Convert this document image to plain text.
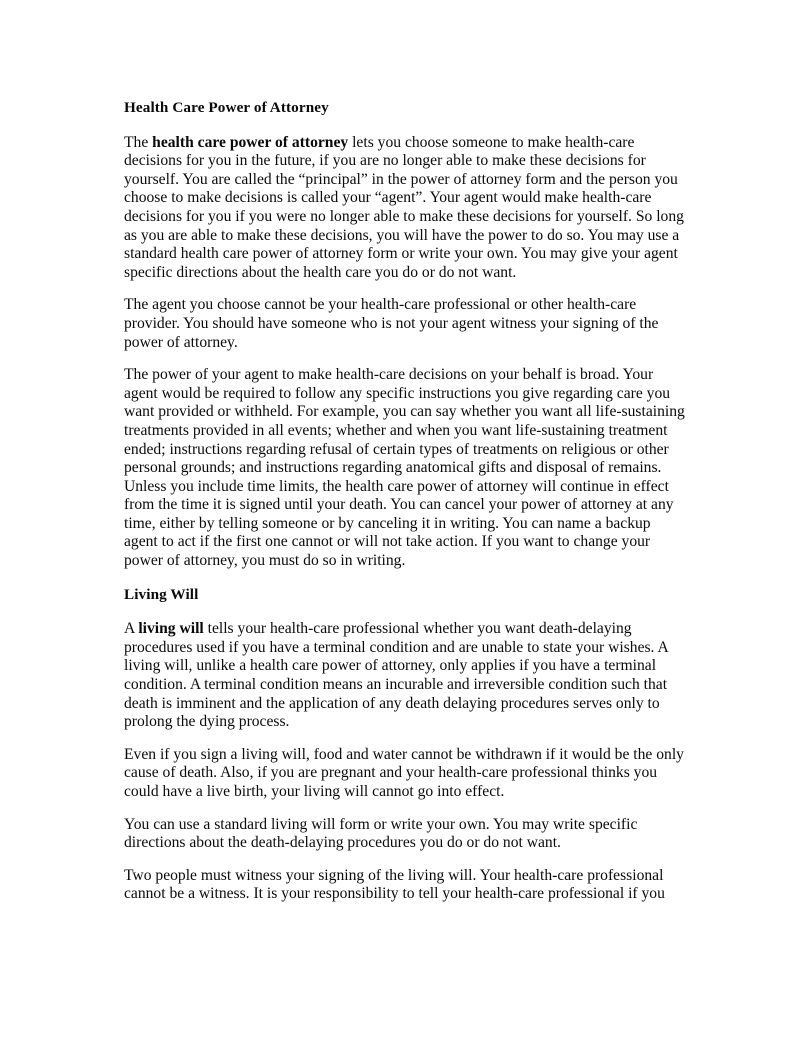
Health Care Power of Attorney

The health care power of attorney lets you choose someone to make health-care decisions for you in the future, if you are no longer able to make these decisions for yourself. You are called the “principal” in the power of attorney form and the person you choose to make decisions is called your “agent”. Your agent would make health-care decisions for you if you were no longer able to make these decisions for yourself. So long as you are able to make these decisions, you will have the power to do so. You may use a standard health care power of attorney form or write your own. You may give your agent specific directions about the health care you do or do not want.

The agent you choose cannot be your health-care professional or other health-care provider. You should have someone who is not your agent witness your signing of the power of attorney.

The power of your agent to make health-care decisions on your behalf is broad. Your agent would be required to follow any specific instructions you give regarding care you want provided or withheld. For example, you can say whether you want all life-sustaining treatments provided in all events; whether and when you want life-sustaining treatment ended; instructions regarding refusal of certain types of treatments on religious or other personal grounds; and instructions regarding anatomical gifts and disposal of remains. Unless you include time limits, the health care power of attorney will continue in effect from the time it is signed until your death. You can cancel your power of attorney at any time, either by telling someone or by canceling it in writing. You can name a backup agent to act if the first one cannot or will not take action. If you want to change your power of attorney, you must do so in writing.

Living Will

A living will tells your health-care professional whether you want death-delaying procedures used if you have a terminal condition and are unable to state your wishes. A living will, unlike a health care power of attorney, only applies if you have a terminal condition. A terminal condition means an incurable and irreversible condition such that death is imminent and the application of any death delaying procedures serves only to prolong the dying process.

Even if you sign a living will, food and water cannot be withdrawn if it would be the only cause of death. Also, if you are pregnant and your health-care professional thinks you could have a live birth, your living will cannot go into effect.

You can use a standard living will form or write your own. You may write specific directions about the death-delaying procedures you do or do not want.

Two people must witness your signing of the living will. Your health-care professional cannot be a witness. It is your responsibility to tell your health-care professional if you
